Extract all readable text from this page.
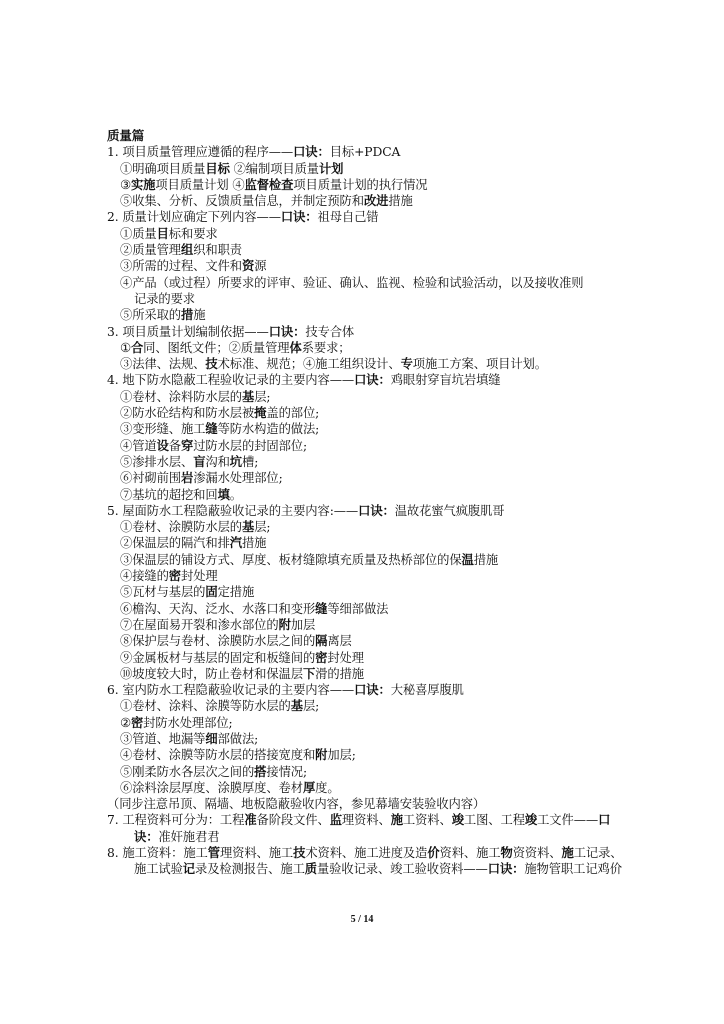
质量篇
1. 项目质量管理应遵循的程序——口诀：目标+PDCA
①明确项目质量目标 ②编制项目质量计划
③实施项目质量计划 ④监督检查项目质量计划的执行情况
⑤收集、分析、反馈质量信息，并制定预防和改进措施
2. 质量计划应确定下列内容——口诀：祖母自己错
①质量目标和要求
②质量管理组织和职责
③所需的过程、文件和资源
④产品（或过程）所要求的评审、验证、确认、监视、检验和试验活动，以及接收准则
记录的要求
⑤所采取的措施
3. 项目质量计划编制依据——口诀：技专合体
①合同、图纸文件；②质量管理体系要求；
③法律、法规、技术标准、规范；④施工组织设计、专项施工方案、项目计划。
4. 地下防水隐蔽工程验收记录的主要内容——口诀：鸡眼射穿盲坑岩填缝
①卷材、涂料防水层的基层;
②防水砼结构和防水层被掩盖的部位;
③变形缝、施工缝等防水构造的做法;
④管道设备穿过防水层的封固部位;
⑤渗排水层、盲沟和坑槽;
⑥衬砌前围岩渗漏水处理部位;
⑦基坑的超挖和回填。
5. 屋面防水工程隐蔽验收记录的主要内容:——口诀：温故花蜜气疯腹肌哥
①卷材、涂膜防水层的基层;
②保温层的隔汽和排汽措施
③保温层的铺设方式、厚度、板材缝隙填充质量及热桥部位的保温措施
④接缝的密封处理
⑤瓦材与基层的固定措施
⑥檐沟、天沟、泛水、水落口和变形缝等细部做法
⑦在屋面易开裂和渗水部位的附加层
⑧保护层与卷材、涂膜防水层之间的隔离层
⑨金属板材与基层的固定和板缝间的密封处理
⑩坡度较大时，防止卷材和保温层下滑的措施
6. 室内防水工程隐蔽验收记录的主要内容——口诀：大秘喜厚腹肌
①卷材、涂料、涂膜等防水层的基层;
②密封防水处理部位;
③管道、地漏等细部做法;
④卷材、涂膜等防水层的搭接宽度和附加层;
⑤刚柔防水各层次之间的搭接情况;
⑥涂料涂层厚度、涂膜厚度、卷材厚度。
（同步注意吊顶、隔墙、地板隐蔽验收内容，参见幕墙安装验收内容）
7. 工程资料可分为：工程准备阶段文件、监理资料、施工资料、竣工图、工程竣工文件——口
诀：准奸施君君
8. 施工资料：施工管理资料、施工技术资料、施工进度及造价资料、施工物资资料、施工记录、
施工试验记录及检测报告、施工质量验收记录、竣工验收资料——口诀：施物管职工记鸡价
5 / 14
